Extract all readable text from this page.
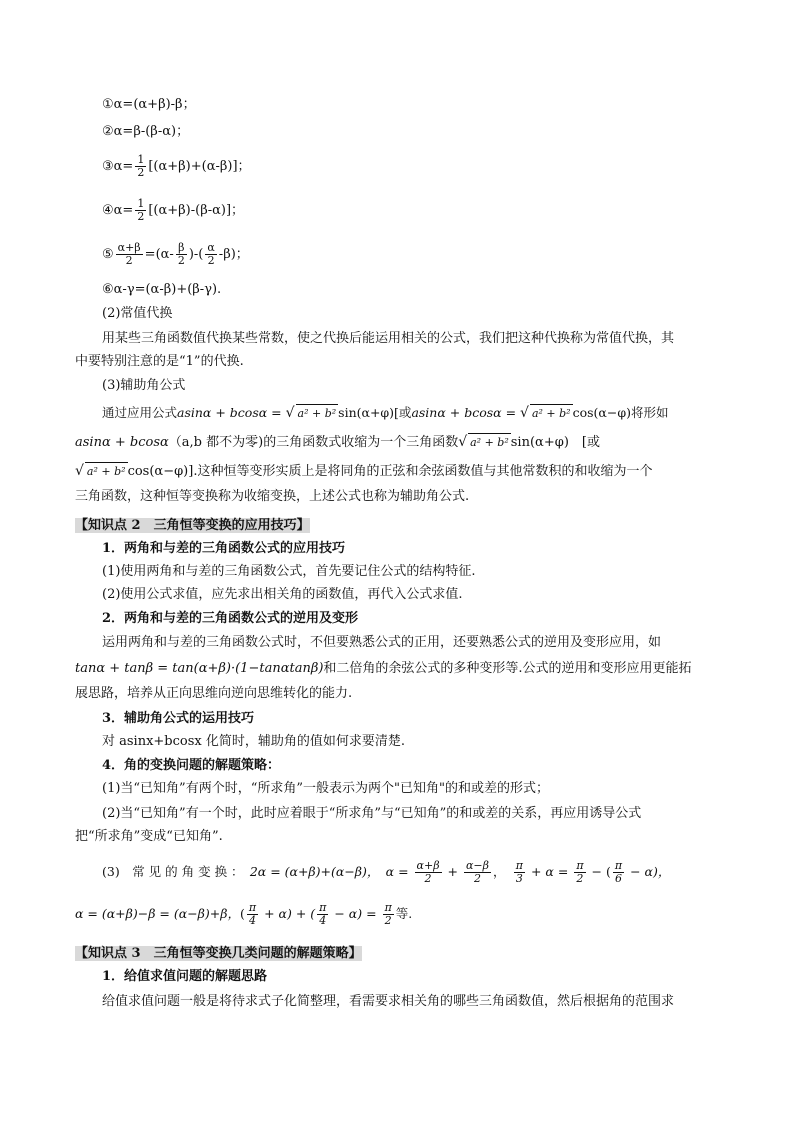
①α=(α+β)-β；
②α=β-(β-α)；
③α= $\frac{1}{2} [(\alpha+\beta)+(\alpha-\beta)]$；
④α= $\frac{1}{2} [(\alpha+\beta)-(\beta-\alpha)]$；
⑤ $\frac{\alpha+\beta}{2} =(\alpha- \frac{\beta}{2}$ )-( $\frac{\alpha}{2} -\beta$)；
⑥α-γ=(α-β)+(β-γ).
(2)常值代换
用某些三角函数值代换某些常数，使之代换后能运用相关的公式，我们把这种代换称为常值代换，其
中要特别注意的是“1”的代换.
(3)辅助角公式
通过应用公式asinα + bcosα = √ a² + b² sin(α+φ)[或asinα + bcosα = √ a² + b² cos(α−φ)将形如
asinα + bcosα（a,b 都不为零)的三角函数式收缩为一个三角函数√ a² + b² sin(α+φ)　 [或
√ a² + b² cos(α−φ)].这种恒等变形实质上是将同角的正弦和余弦函数值与其他常数积的和收缩为一个
三角函数，这种恒等变换称为收缩变换，上述公式也称为辅助角公式.
【知识点 2　三角恒等变换的应用技巧】
1．两角和与差的三角函数公式的应用技巧
(1)使用两角和与差的三角函数公式，首先要记住公式的结构特征.
(2)使用公式求值，应先求出相关角的函数值，再代入公式求值.
2．两角和与差的三角函数公式的逆用及变形
运用两角和与差的三角函数公式时，不但要熟悉公式的正用，还要熟悉公式的逆用及变形应用，如
tanα + tanβ = tan(α+β)·(1−tanαtanβ)和二倍角的余弦公式的多种变形等.公式的逆用和变形应用更能拓
展思路，培养从正向思维向逆向思维转化的能力.
3．辅助角公式的运用技巧
对 asinx+bcosx 化简时，辅助角的值如何求要清楚.
4．角的变换问题的解题策略：
(1)当“已知角”有两个时，“所求角”一般表示为两个"已知角"的和或差的形式；
(2)当“已知角”有一个时，此时应着眼于“所求角”与“已知角”的和或差的关系，再应用诱导公式
把“所求角”变成“已知角”.
(3)　常 见 的 角 变 换 ：　 2α = (α+β)+(α−β)，　 $\alpha = \frac{\alpha+\beta}{2} + \frac{\alpha-\beta}{2}$ ，　 $\frac{\pi}{3} + \alpha = \frac{\pi}{2}$ − ( $\frac{\pi}{6} - \alpha$)，
α = (α+β)−β = (α−β)+β，( $\frac{\pi}{4} + \alpha$) + ( $\frac{\pi}{4} - \alpha) = \frac{\pi}{2}$ 等.
【知识点 3　三角恒等变换几类问题的解题策略】
1．给值求值问题的解题思路
给值求值问题一般是将待求式子化简整理，看需要求相关角的哪些三角函数值，然后根据角的范围求
